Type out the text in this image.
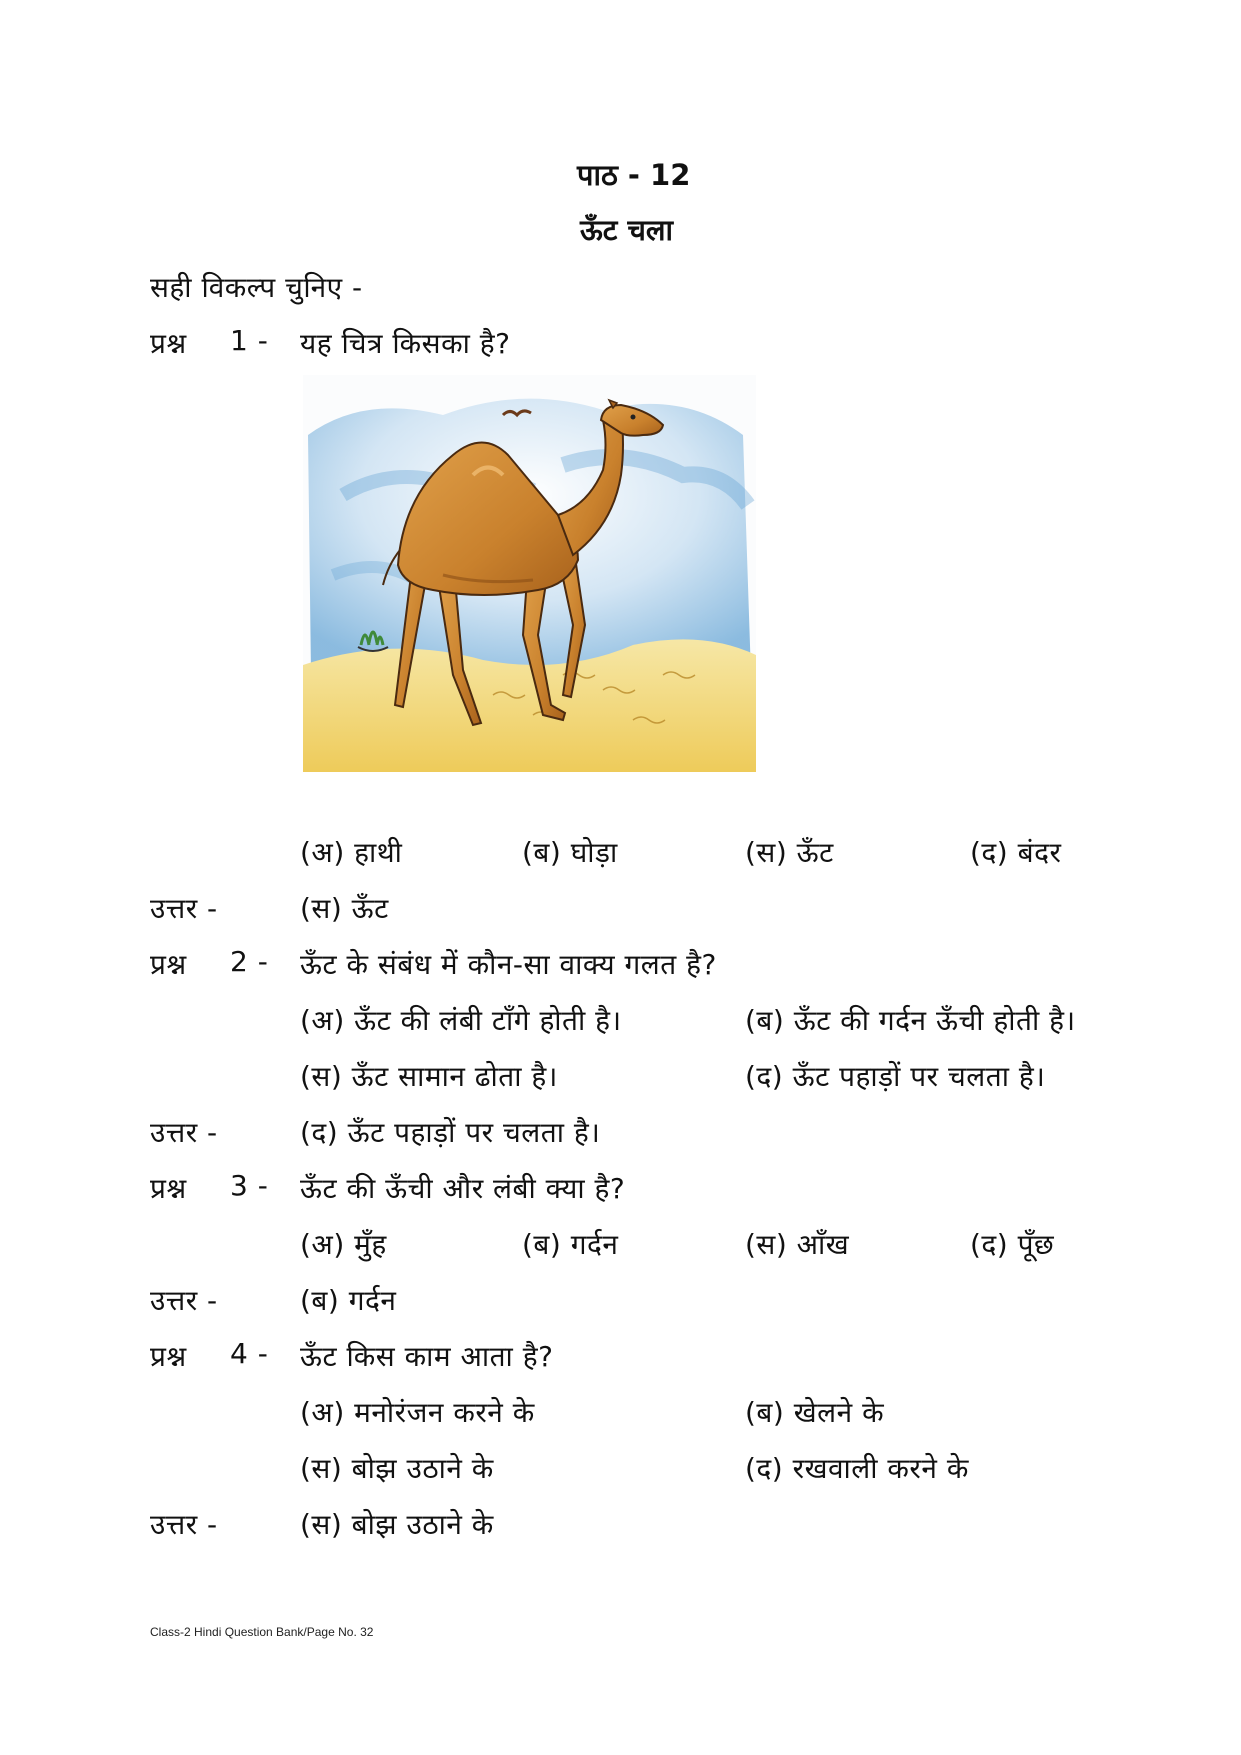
पाठ - 12
ऊँट चला
सही विकल्प चुनिए -
प्रश्न 1 - यह चित्र किसका है?
(अ) हाथी	(ब) घोड़ा	(स) ऊँट	(द) बंदर
उत्तर -	(स) ऊँट
प्रश्न 2 - ऊँट के संबंध में कौन-सा वाक्य गलत है?
(अ) ऊँट की लंबी टाँगे होती है।	(ब) ऊँट की गर्दन ऊँची होती है।
(स) ऊँट सामान ढोता है।	(द) ऊँट पहाड़ों पर चलता है।
उत्तर -	(द) ऊँट पहाड़ों पर चलता है।
प्रश्न 3 - ऊँट की ऊँची और लंबी क्या है?
(अ) मुँह	(ब) गर्दन	(स) आँख	(द) पूँछ
उत्तर -	(ब) गर्दन
प्रश्न 4 - ऊँट किस काम आता है?
(अ) मनोरंजन करने के	(ब) खेलने के
(स) बोझ उठाने के	(द) रखवाली करने के
उत्तर -	(स) बोझ उठाने के
Class-2 Hindi Question Bank/Page No. 32
